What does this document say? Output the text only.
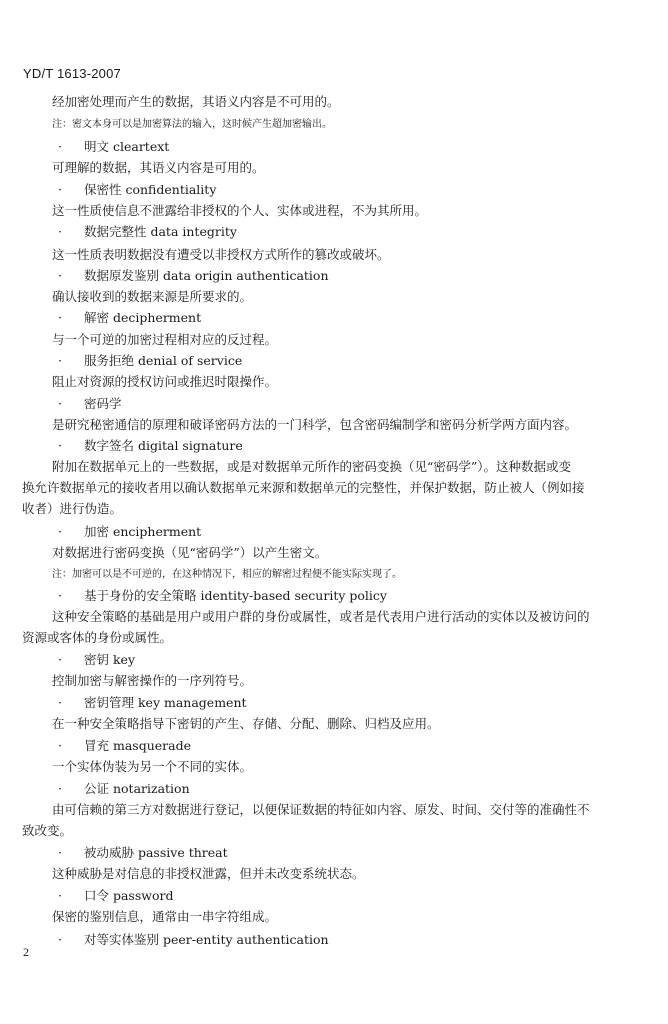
YD/T 1613-2007
经加密处理而产生的数据，其语义内容是不可用的。
注：密文本身可以是加密算法的输入，这时候产生超加密输出。
· 明文 cleartext
可理解的数据，其语义内容是可用的。
· 保密性 confidentiality
这一性质使信息不泄露给非授权的个人、实体或进程，不为其所用。
· 数据完整性 data integrity
这一性质表明数据没有遭受以非授权方式所作的篡改或破坏。
· 数据原发鉴别 data origin authentication
确认接收到的数据来源是所要求的。
· 解密 decipherment
与一个可逆的加密过程相对应的反过程。
· 服务拒绝 denial of service
阻止对资源的授权访问或推迟时限操作。
· 密码学
是研究秘密通信的原理和破译密码方法的一门科学，包含密码编制学和密码分析学两方面内容。
· 数字签名 digital signature
附加在数据单元上的一些数据，或是对数据单元所作的密码变换（见“密码学”）。这种数据或变
换允许数据单元的接收者用以确认数据单元来源和数据单元的完整性，并保护数据，防止被人（例如接
收者）进行伪造。
· 加密 encipherment
对数据进行密码变换（见“密码学”）以产生密文。
注：加密可以是不可逆的，在这种情况下，相应的解密过程便不能实际实现了。
· 基于身份的安全策略 identity-based security policy
这种安全策略的基础是用户或用户群的身份或属性，或者是代表用户进行活动的实体以及被访问的
资源或客体的身份或属性。
· 密钥 key
控制加密与解密操作的一序列符号。
· 密钥管理 key management
在一种安全策略指导下密钥的产生、存储、分配、删除、归档及应用。
· 冒充 masquerade
一个实体伪装为另一个不同的实体。
· 公证 notarization
由可信赖的第三方对数据进行登记，以便保证数据的特征如内容、原发、时间、交付等的准确性不
致改变。
· 被动威胁 passive threat
这种威胁是对信息的非授权泄露，但并未改变系统状态。
· 口令 password
保密的鉴别信息，通常由一串字符组成。
· 对等实体鉴别 peer-entity authentication
2
